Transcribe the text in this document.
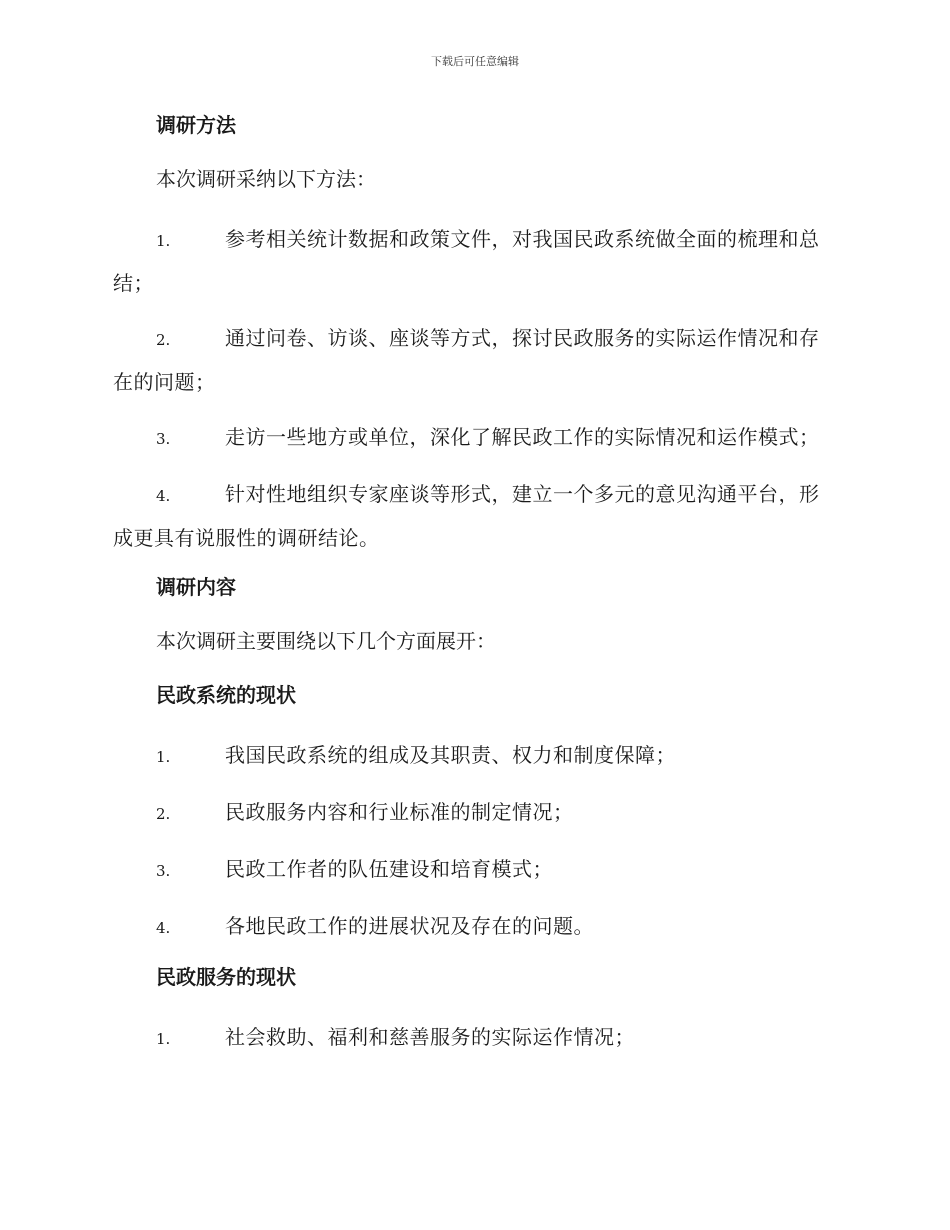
下载后可任意编辑
调研方法
本次调研采纳以下方法：
1.	参考相关统计数据和政策文件，对我国民政系统做全面的梳理和总结；
2.	通过问卷、访谈、座谈等方式，探讨民政服务的实际运作情况和存在的问题；
3.	走访一些地方或单位，深化了解民政工作的实际情况和运作模式；
4.	针对性地组织专家座谈等形式，建立一个多元的意见沟通平台，形成更具有说服性的调研结论。
调研内容
本次调研主要围绕以下几个方面展开：
民政系统的现状
1.	我国民政系统的组成及其职责、权力和制度保障；
2.	民政服务内容和行业标准的制定情况；
3.	民政工作者的队伍建设和培育模式；
4.	各地民政工作的进展状况及存在的问题。
民政服务的现状
1.	社会救助、福利和慈善服务的实际运作情况；
